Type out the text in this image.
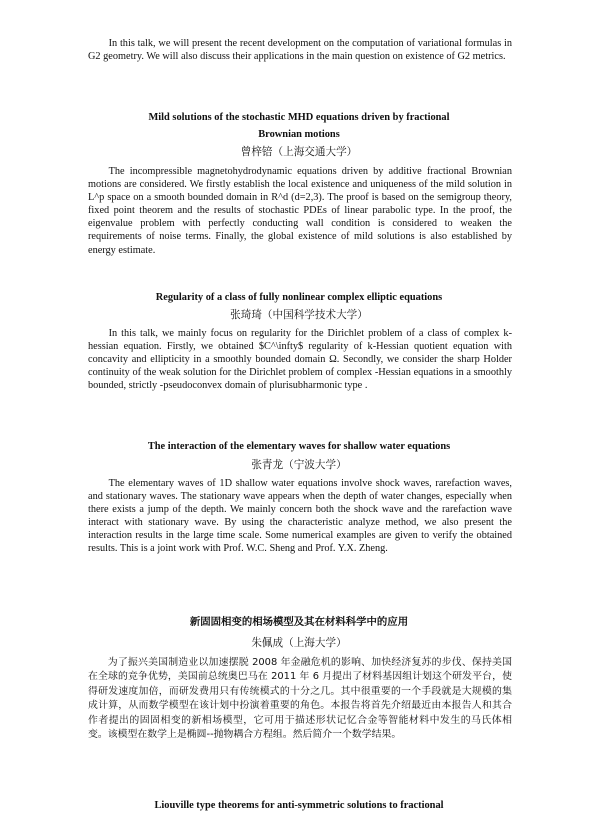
In this talk, we will present the recent development on the computation of variational formulas in G2 geometry. We will also discuss their applications in the main question on existence of G2 metrics.

Mild solutions of the stochastic MHD equations driven by fractional

Brownian motions

曾梓锫（上海交通大学）

The incompressible magnetohydrodynamic equations driven by additive fractional Brownian motions are considered. We firstly establish the local existence and uniqueness of the mild solution in L^p space on a smooth bounded domain in R^d (d=2,3). The proof is based on the semigroup theory, fixed point theorem and the results of stochastic PDEs of linear parabolic type. In the proof, the eigenvalue problem with perfectly conducting wall condition is considered to weaken the requirements of noise terms. Finally, the global existence of mild solutions is also established by energy estimate.

Regularity of a class of fully nonlinear complex elliptic equations

张琦琦（中国科学技术大学）

In this talk, we mainly focus on regularity for the Dirichlet problem of a class of complex k-hessian equation. Firstly, we obtained $C^\infty$ regularity of k-Hessian quotient equation with concavity and ellipticity in a smoothly bounded domain Ω. Secondly, we consider the sharp Holder continuity of the weak solution for the Dirichlet problem of complex -Hessian equations in a smoothly bounded, strictly -pseudoconvex domain of plurisubharmonic type .

The interaction of the elementary waves for shallow water equations

张青龙（宁波大学）

The elementary waves of 1D shallow water equations involve shock waves, rarefaction waves, and stationary waves. The stationary wave appears when the depth of water changes, especially when there exists a jump of the depth. We mainly concern both the shock wave and the rarefaction wave interact with stationary wave. By using the characteristic analyze method, we also present the interaction results in the large time scale. Some numerical examples are given to verify the obtained results. This is a joint work with Prof. W.C. Sheng and Prof. Y.X. Zheng.

新固固相变的相场模型及其在材料科学中的应用

朱佩成（上海大学）

为了振兴美国制造业以加速摆脱 2008 年金融危机的影响、加快经济复苏的步伐、保持美国在全球的竞争优势，美国前总统奥巴马在 2011 年 6 月提出了材料基因组计划这个研发平台，使得研发速度加倍，而研发费用只有传统模式的十分之几。其中很重要的一个手段就是大规模的集成计算，从而数学模型在该计划中扮演着重要的角色。本报告将首先介绍最近由本报告人和其合作者提出的固固相变的新相场模型，它可用于描述形状记忆合金等智能材料中发生的马氏体相变。该模型在数学上是椭圆--抛物耦合方程组。然后简介一个数学结果。

Liouville type theorems for anti-symmetric solutions to fractional
